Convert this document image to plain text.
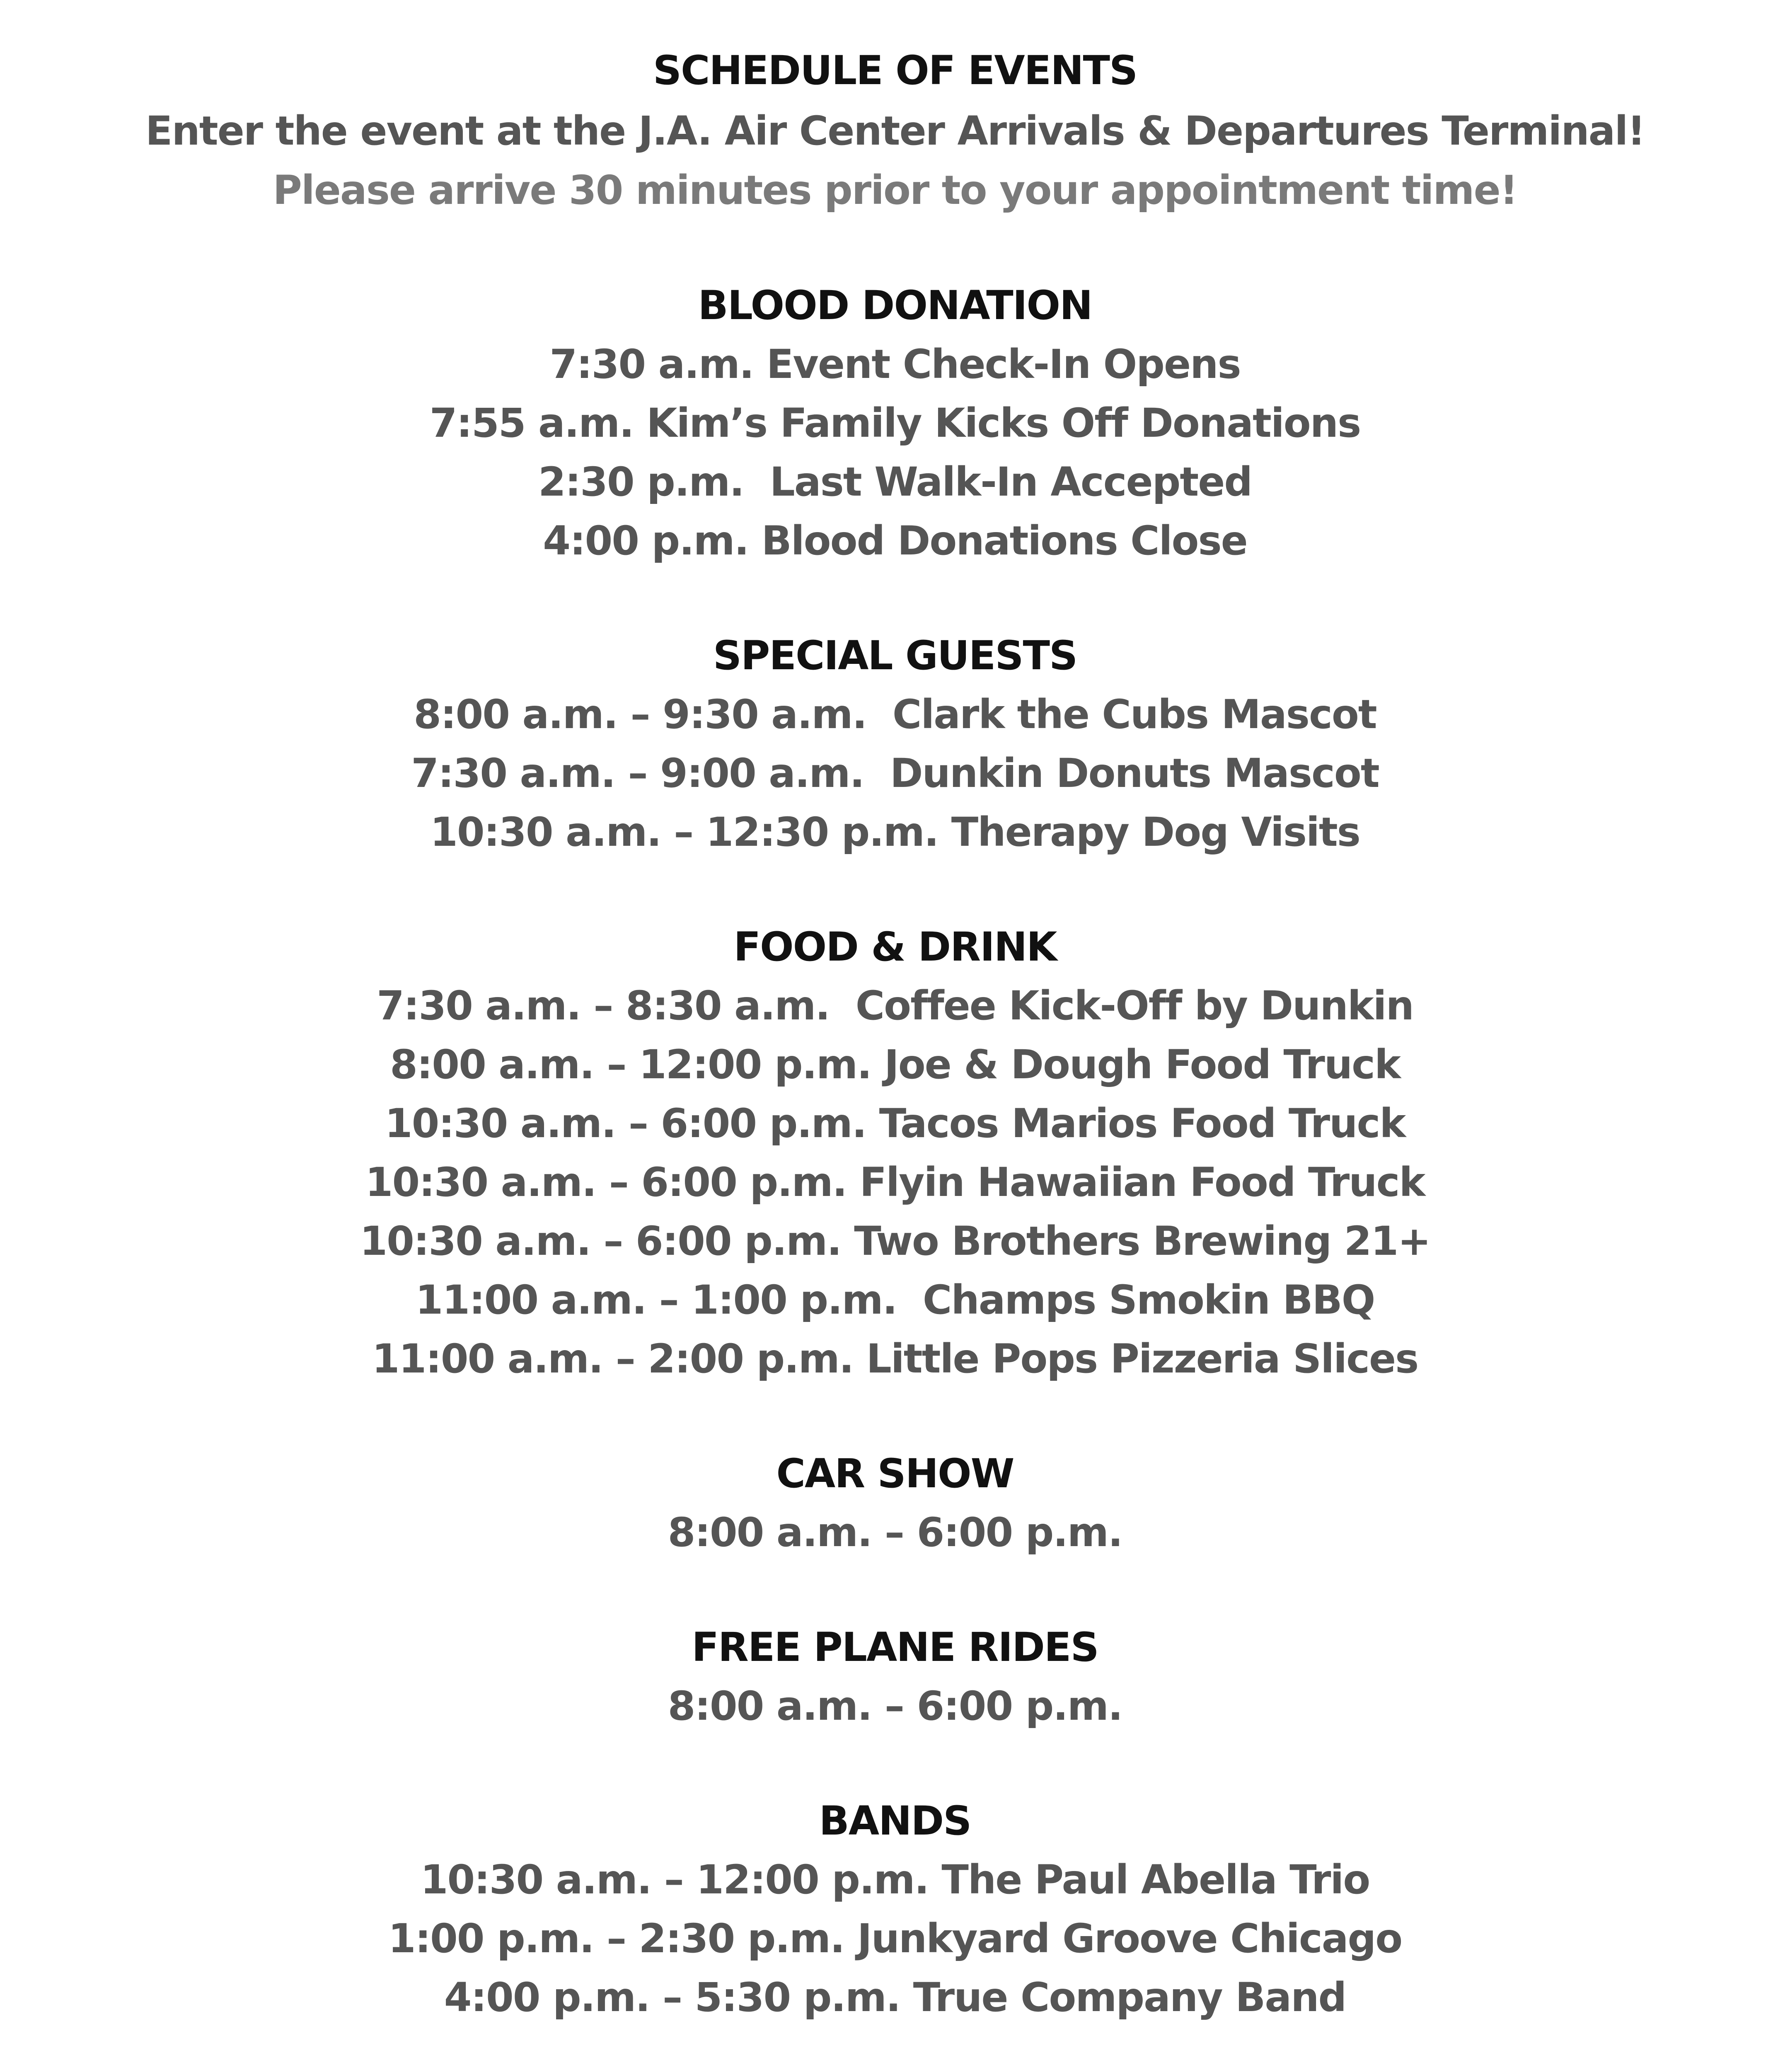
SCHEDULE OF EVENTS
Enter the event at the J.A. Air Center Arrivals & Departures Terminal!
Please arrive 30 minutes prior to your appointment time!
BLOOD DONATION
7:30 a.m. Event Check-In Opens
7:55 a.m. Kim’s Family Kicks Off Donations
2:30 p.m.  Last Walk-In Accepted
4:00 p.m. Blood Donations Close
SPECIAL GUESTS
8:00 a.m. – 9:30 a.m.  Clark the Cubs Mascot
7:30 a.m. – 9:00 a.m.  Dunkin Donuts Mascot
10:30 a.m. – 12:30 p.m. Therapy Dog Visits
FOOD & DRINK
7:30 a.m. – 8:30 a.m.  Coffee Kick-Off by Dunkin
8:00 a.m. – 12:00 p.m. Joe & Dough Food Truck
10:30 a.m. – 6:00 p.m. Tacos Marios Food Truck
10:30 a.m. – 6:00 p.m. Flyin Hawaiian Food Truck
10:30 a.m. – 6:00 p.m. Two Brothers Brewing 21+
11:00 a.m. – 1:00 p.m.  Champs Smokin BBQ
11:00 a.m. – 2:00 p.m. Little Pops Pizzeria Slices
CAR SHOW
8:00 a.m. – 6:00 p.m.
FREE PLANE RIDES
8:00 a.m. – 6:00 p.m.
BANDS
10:30 a.m. – 12:00 p.m. The Paul Abella Trio
1:00 p.m. – 2:30 p.m. Junkyard Groove Chicago
4:00 p.m. – 5:30 p.m. True Company Band
